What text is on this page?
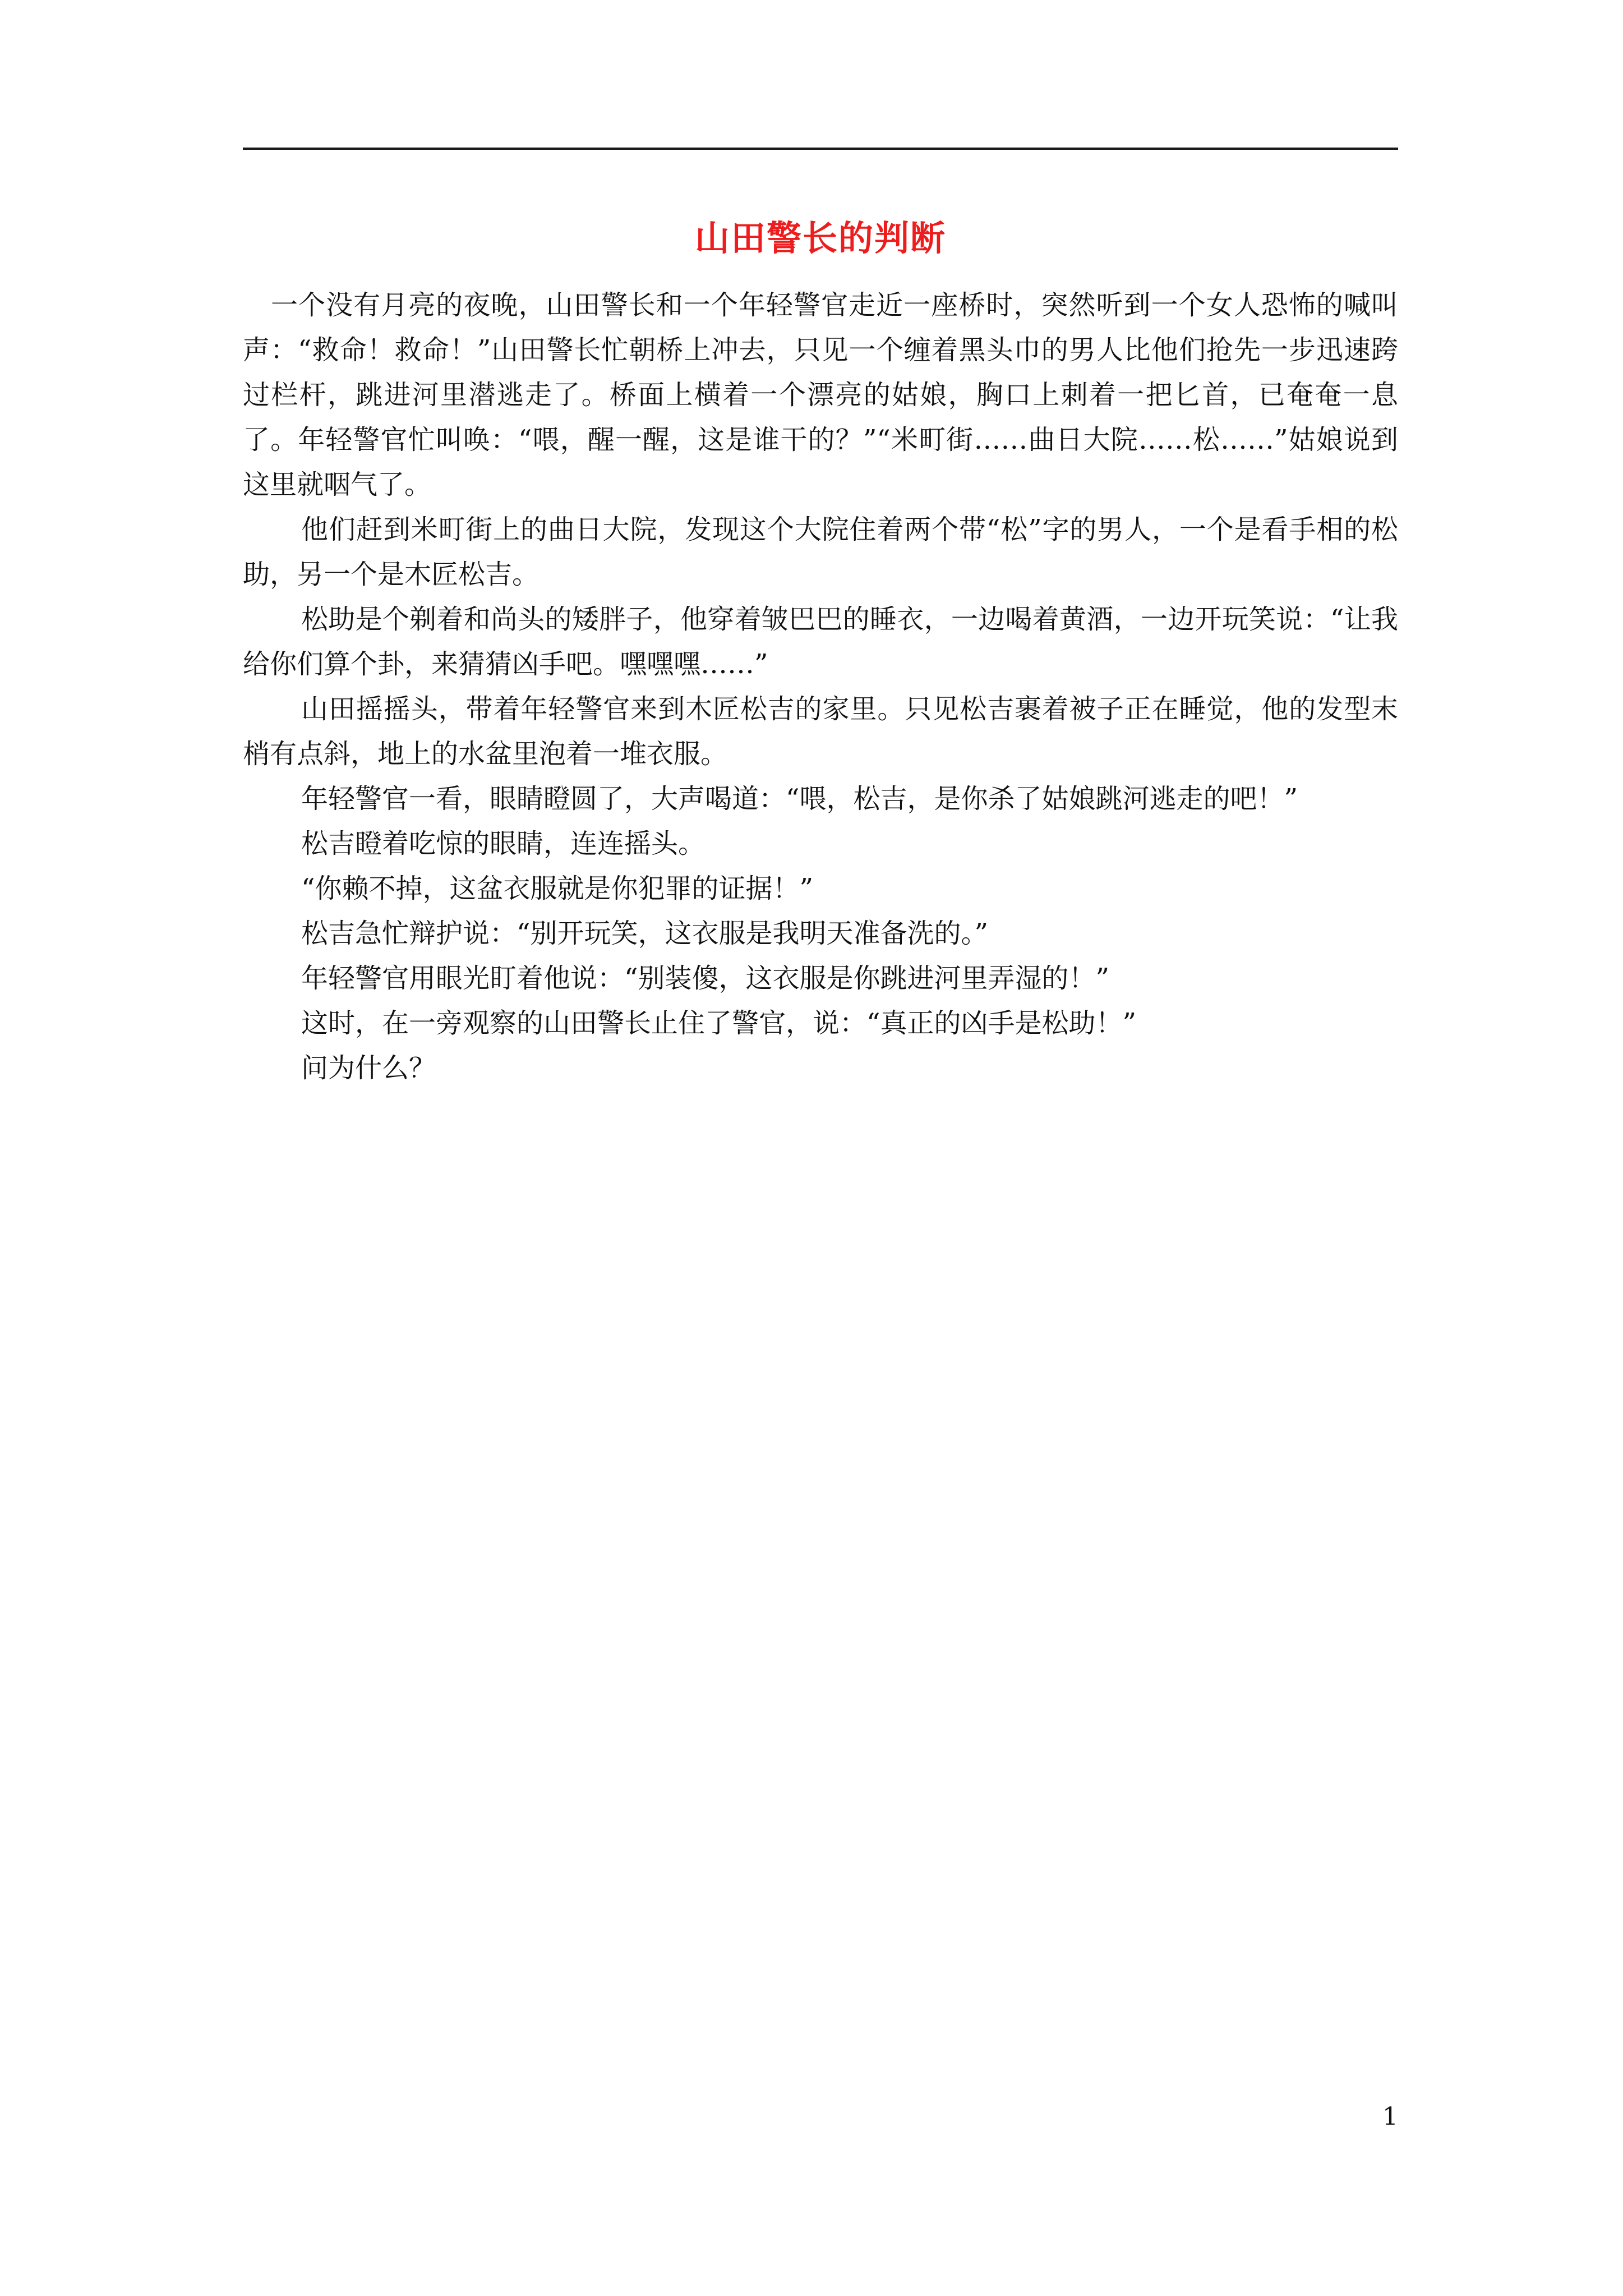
山田警长的判断

一个没有月亮的夜晚，山田警长和一个年轻警官走近一座桥时，突然听到一个女人恐怖的喊叫声：“救命！救命！”山田警长忙朝桥上冲去，只见一个缠着黑头巾的男人比他们抢先一步迅速跨过栏杆，跳进河里潜逃走了。桥面上横着一个漂亮的姑娘，胸口上刺着一把匕首，已奄奄一息了。年轻警官忙叫唤：“喂，醒一醒，这是谁干的？”“米町街……曲日大院……松……”姑娘说到这里就咽气了。

他们赶到米町街上的曲日大院，发现这个大院住着两个带“松”字的男人，一个是看手相的松助，另一个是木匠松吉。

松助是个剃着和尚头的矮胖子，他穿着皱巴巴的睡衣，一边喝着黄酒，一边开玩笑说：“让我给你们算个卦，来猜猜凶手吧。嘿嘿嘿……”

山田摇摇头，带着年轻警官来到木匠松吉的家里。只见松吉裹着被子正在睡觉，他的发型末梢有点斜，地上的水盆里泡着一堆衣服。

年轻警官一看，眼睛瞪圆了，大声喝道：“喂，松吉，是你杀了姑娘跳河逃走的吧！”

松吉瞪着吃惊的眼睛，连连摇头。

“你赖不掉，这盆衣服就是你犯罪的证据！”

松吉急忙辩护说：“别开玩笑，这衣服是我明天准备洗的。”

年轻警官用眼光盯着他说：“别装傻，这衣服是你跳进河里弄湿的！”

这时，在一旁观察的山田警长止住了警官，说：“真正的凶手是松助！”

问为什么？

1
